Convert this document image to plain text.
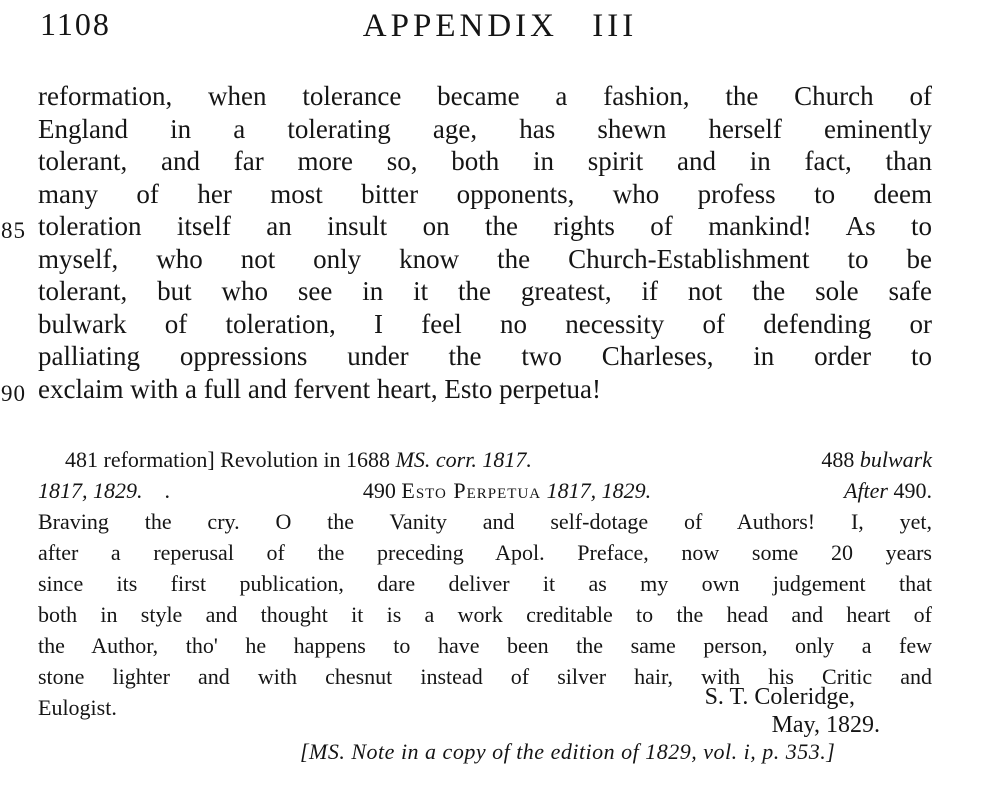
1108	APPENDIX III
reformation, when tolerance became a fashion, the Church of
England in a tolerating age, has shewn herself eminently
tolerant, and far more so, both in spirit and in fact, than
many of her most bitter opponents, who profess to deem
85 toleration itself an insult on the rights of mankind! As to
myself, who not only know the Church-Establishment to be
tolerant, but who see in it the greatest, if not the sole safe
bulwark of toleration, I feel no necessity of defending or
palliating oppressions under the two Charleses, in order to
90 exclaim with a full and fervent heart, Esto perpetua!
481 reformation] Revolution in 1688 MS. corr. 1817.	488 bulwark
1817, 1829. .	490 Esto Perpetua 1817, 1829.	After 490.
Braving the cry. O the Vanity and self-dotage of Authors! I, yet,
after a reperusal of the preceding Apol. Preface, now some 20 years
since its first publication, dare deliver it as my own judgement that
both in style and thought it is a work creditable to the head and heart of
the Author, tho' he happens to have been the same person, only a few
stone lighter and with chesnut instead of silver hair, with his Critic and
Eulogist.	S. T. Coleridge,
May, 1829.
[MS. Note in a copy of the edition of 1829, vol. i, p. 353.]
